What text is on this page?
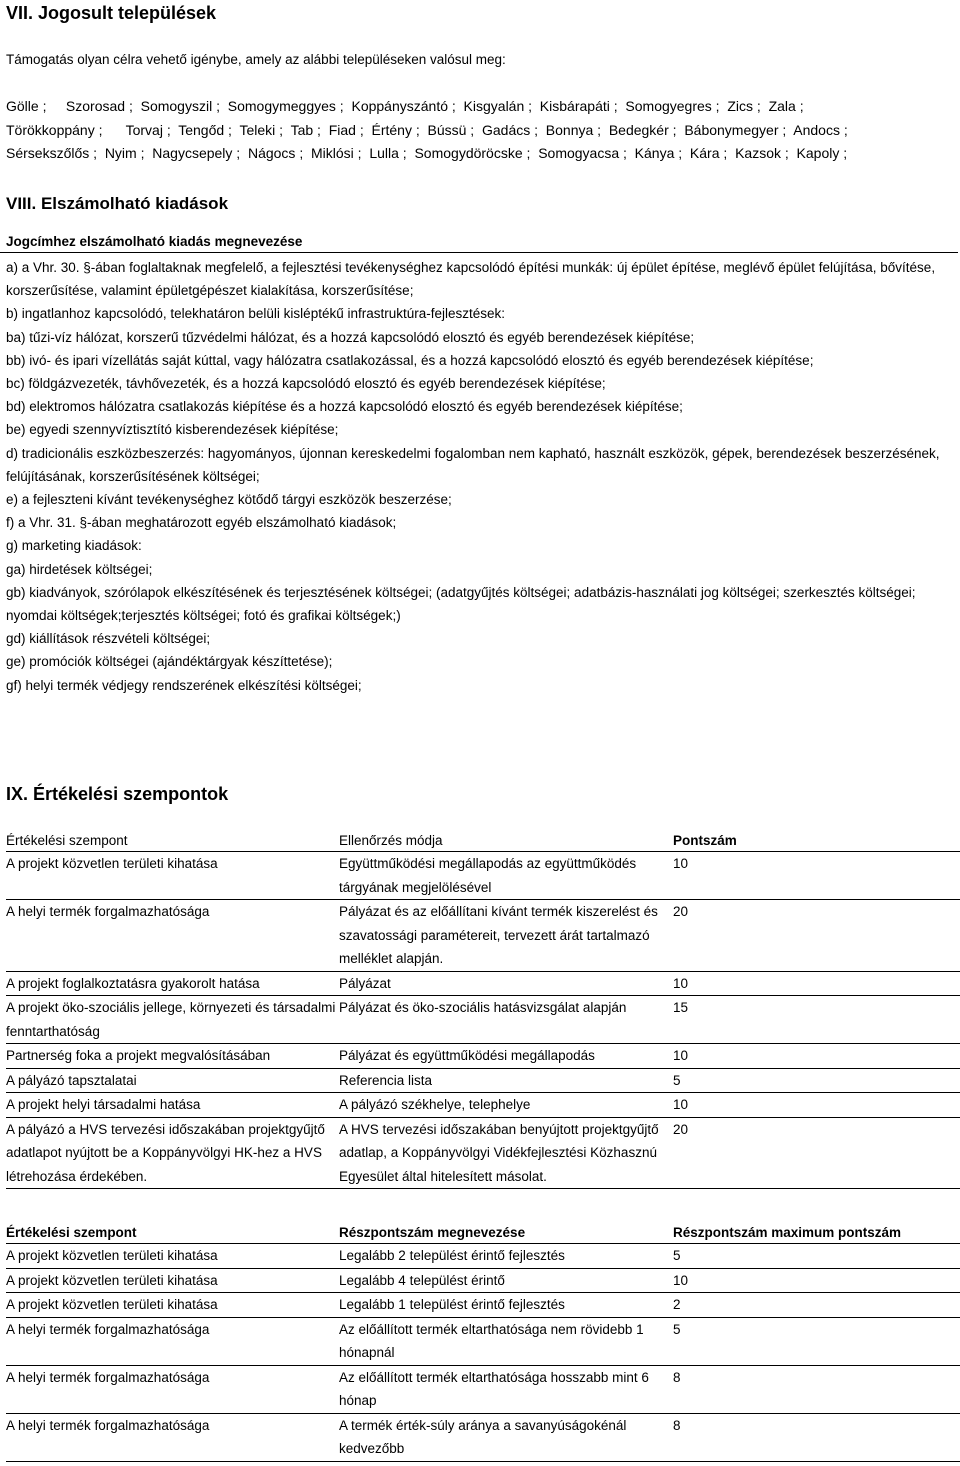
VII. Jogosult települések

Támogatás olyan célra vehető igénybe, amely az alábbi településeken valósul meg:

Gölle ;     Szorosad ;  Somogyszil ;  Somogymeggyes ;  Koppányszántó ;  Kisgyalán ;  Kisbárapáti ;  Somogyegres ;  Zics ;  Zala ;
Törökkoppány ;      Torvaj ;  Tengőd ;  Teleki ;  Tab ;  Fiad ;  Értény ;  Bússü ;  Gadács ;  Bonnya ;  Bedegkér ;  Bábonymegyer ;  Andocs ;
Sérsekszőlős ;  Nyim ;  Nagycsepely ;  Nágocs ;  Miklósi ;  Lulla ;  Somogydöröcske ;  Somogyacsa ;  Kánya ;  Kára ;  Kazsok ;  Kapoly ;
VIII. Elszámolható kiadások
Jogcímhez elszámolható kiadás megnevezése

a) a Vhr. 30. §-ában foglaltaknak megfelelő, a fejlesztési tevékenységhez kapcsolódó építési munkák: új épület építése, meglévő épület felújítása, bővítése,

korszerűsítése, valamint épületgépészet kialakítása, korszerűsítése;

b) ingatlanhoz kapcsolódó, telekhatáron belüli kisléptékű infrastruktúra-fejlesztések:

ba) tűzi-víz hálózat, korszerű tűzvédelmi hálózat, és a hozzá kapcsolódó elosztó és egyéb berendezések kiépítése;

bb) ivó- és ipari vízellátás saját kúttal, vagy hálózatra csatlakozással, és a hozzá kapcsolódó elosztó és egyéb berendezések kiépítése;

bc) földgázvezeték, távhővezeték, és a hozzá kapcsolódó elosztó és egyéb berendezések kiépítése;

bd) elektromos hálózatra csatlakozás kiépítése és a hozzá kapcsolódó elosztó és egyéb berendezések kiépítése;

be) egyedi szennyvíztisztító kisberendezések kiépítése;

d) tradicionális eszközbeszerzés: hagyományos, újonnan kereskedelmi fogalomban nem kapható, használt eszközök, gépek, berendezések beszerzésének,

felújításának, korszerűsítésének költségei;

e) a fejleszteni kívánt tevékenységhez kötődő tárgyi eszközök beszerzése;

f) a Vhr. 31. §-ában meghatározott egyéb elszámolható kiadások;

g) marketing kiadások:

ga) hirdetések költségei;

gb) kiadványok, szórólapok elkészítésének és terjesztésének költségei; (adatgyűjtés költségei; adatbázis-használati jog költségei; szerkesztés költségei;

nyomdai költségek;terjesztés költségei; fotó és grafikai költségek;)

gd) kiállítások részvételi költségei;

ge) promóciók költségei (ajándéktárgyak készíttetése);

gf) helyi termék védjegy rendszerének elkészítési költségei;

IX. Értékelési szempontok
Értékelési szempont	Ellenőrzés módja	Pontszám
A projekt közvetlen területi kihatása	Együttműködési megállapodás az együttműködés tárgyának megjelölésével	10
A helyi termék forgalmazhatósága	Pályázat és az előállítani kívánt termék kiszerelést és szavatossági paramétereit, tervezett árát tartalmazó melléklet alapján.	20
A projekt foglalkoztatásra gyakorolt hatása	Pályázat	10
A projekt öko-szociális jellege, környezeti és társadalmi fenntarthatóság	Pályázat és öko-szociális hatásvizsgálat alapján	15
Partnerség foka a projekt megvalósításában	Pályázat és együttműködési megállapodás	10
A pályázó tapsztalatai	Referencia lista	5
A projekt helyi társadalmi hatása	A pályázó székhelye, telephelye	10
A pályázó a HVS tervezési időszakában projektgyűjtő adatlapot nyújtott be a Koppányvölgyi HK-hez a HVS létrehozása érdekében.	A HVS tervezési időszakában benyújtott projektgyűjtő adatlap, a Koppányvölgyi Vidékfejlesztési Közhasznú Egyesület által hitelesített másolat.	20
Értékelési szempont	Részpontszám megnevezése	Részpontszám maximum pontszám
A projekt közvetlen területi kihatása	Legalább 2 települést érintő fejlesztés	5
A projekt közvetlen területi kihatása	Legalább 4 települést érintő	10
A projekt közvetlen területi kihatása	Legalább 1 települést érintő fejlesztés	2
A helyi termék forgalmazhatósága	Az előállított termék eltarthatósága nem rövidebb 1 hónapnál	5
A helyi termék forgalmazhatósága	Az előállított termék eltarthatósága hosszabb mint 6 hónap	8
A helyi termék forgalmazhatósága	A termék érték-súly aránya a savanyúságokénál kedvezőbb	8
